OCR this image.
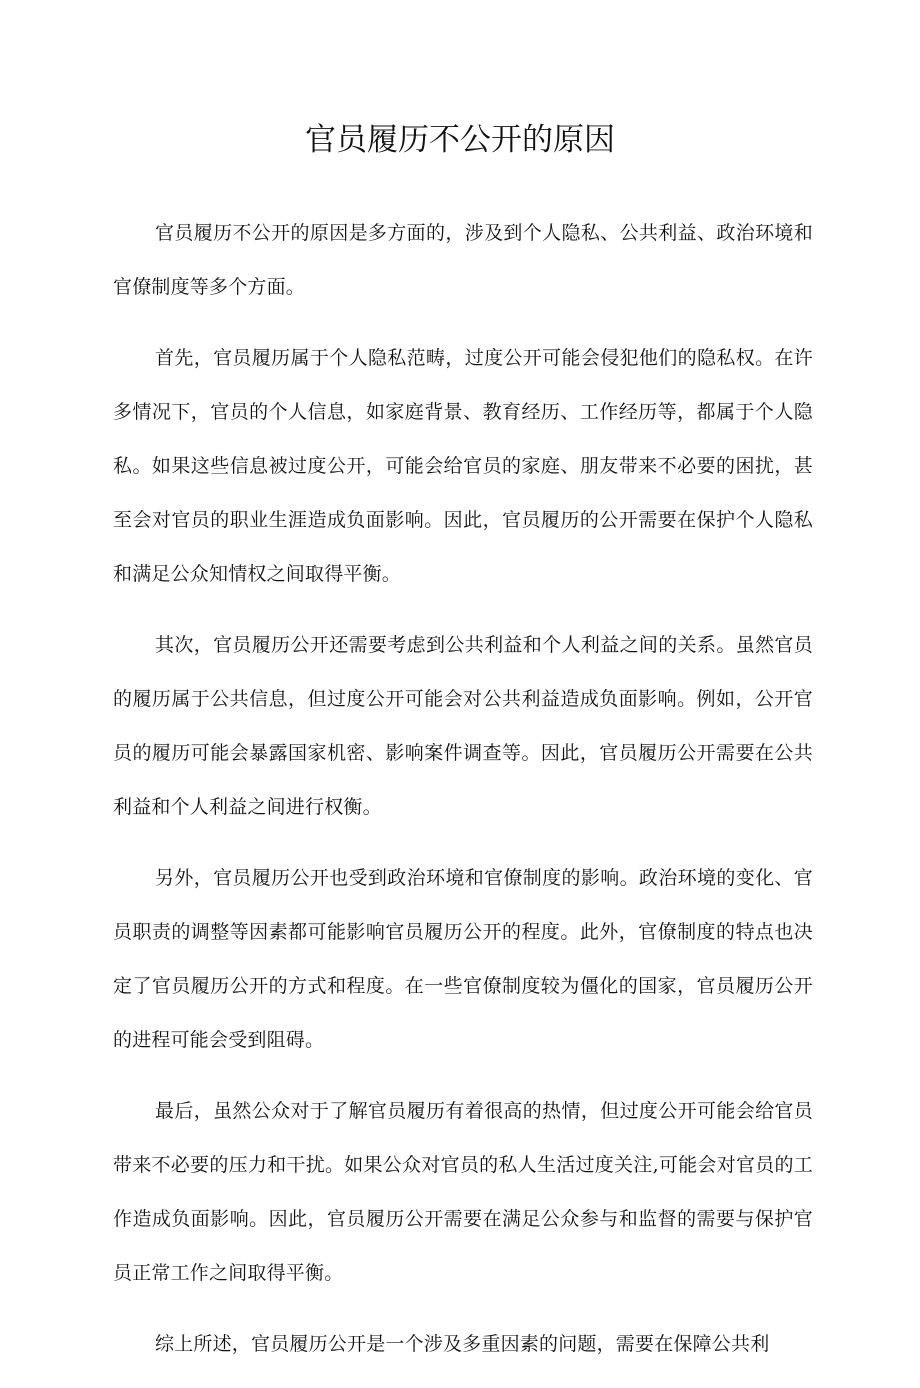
官员履历不公开的原因

官员履历不公开的原因是多方面的，涉及到个人隐私、公共利益、政治环境和官僚制度等多个方面。

首先，官员履历属于个人隐私范畴，过度公开可能会侵犯他们的隐私权。在许多情况下，官员的个人信息，如家庭背景、教育经历、工作经历等，都属于个人隐私。如果这些信息被过度公开，可能会给官员的家庭、朋友带来不必要的困扰，甚至会对官员的职业生涯造成负面影响。因此，官员履历的公开需要在保护个人隐私和满足公众知情权之间取得平衡。

其次，官员履历公开还需要考虑到公共利益和个人利益之间的关系。虽然官员的履历属于公共信息，但过度公开可能会对公共利益造成负面影响。例如，公开官员的履历可能会暴露国家机密、影响案件调查等。因此，官员履历公开需要在公共利益和个人利益之间进行权衡。

另外，官员履历公开也受到政治环境和官僚制度的影响。政治环境的变化、官员职责的调整等因素都可能影响官员履历公开的程度。此外，官僚制度的特点也决定了官员履历公开的方式和程度。在一些官僚制度较为僵化的国家，官员履历公开的进程可能会受到阻碍。

最后，虽然公众对于了解官员履历有着很高的热情，但过度公开可能会给官员带来不必要的压力和干扰。如果公众对官员的私人生活过度关注,可能会对官员的工作造成负面影响。因此，官员履历公开需要在满足公众参与和监督的需要与保护官员正常工作之间取得平衡。

综上所述，官员履历公开是一个涉及多重因素的问题，需要在保障公共利
